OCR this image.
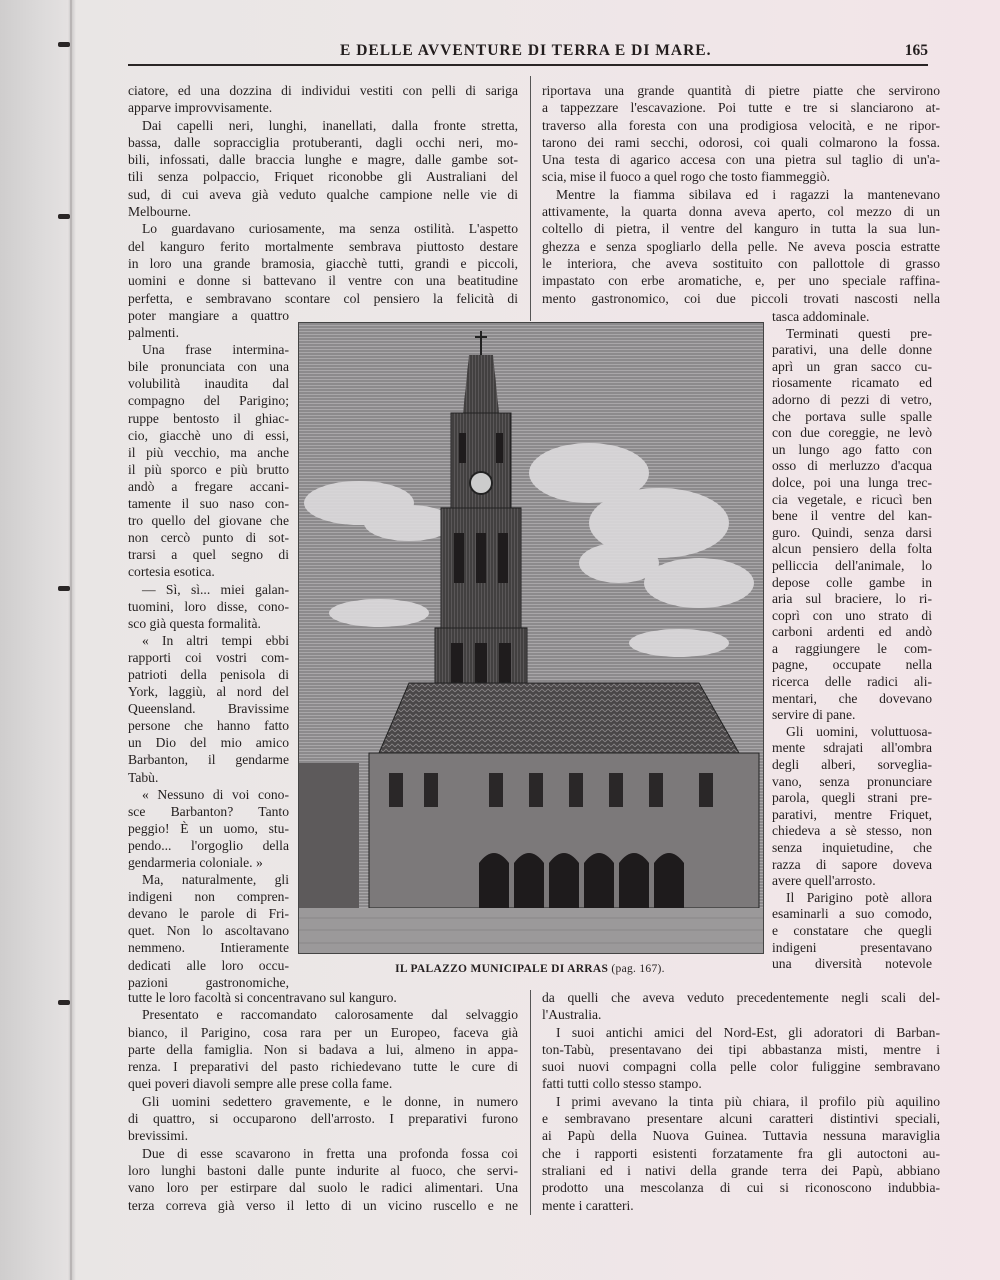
E DELLE AVVENTURE DI TERRA E DI MARE.	165
ciatore, ed una dozzina di individui vestiti con pelli di sariga
apparve improvvisamente.
Dai capelli neri, lunghi, inanellati, dalla fronte stretta,
bassa, dalle sopracciglia protuberanti, dagli occhi neri, mo-
bili, infossati, dalle braccia lunghe e magre, dalle gambe sot-
tili senza polpaccio, Friquet riconobbe gli Australiani del
sud, di cui aveva già veduto qualche campione nelle vie di
Melbourne.
Lo guardavano curiosamente, ma senza ostilità. L'aspetto
del kanguro ferito mortalmente sembrava piuttosto destare
in loro una grande bramosia, giacchè tutti, grandi e piccoli,
uomini e donne si battevano il ventre con una beatitudine
perfetta, e sembravano scontare col pensiero la felicità di
poter mangiare a quattro
palmenti.
Una frase intermina-
bile pronunciata con una
volubilità inaudita dal
compagno del Parigino;
ruppe bentosto il ghiac-
cio, giacchè uno di essi,
il più vecchio, ma anche
il più sporco e più brutto
andò a fregare accani-
tamente il suo naso con-
tro quello del giovane che
non cercò punto di sot-
trarsi a quel segno di
cortesia esotica.
— Sì, sì... miei galan-
tuomini, loro disse, cono-
sco già questa formalità.
« In altri tempi ebbi
rapporti coi vostri com-
patrioti della penisola di
York, laggiù, al nord del
Queensland. Bravissime
persone che hanno fatto
un Dio del mio amico
Barbanton, il gendarme
Tabù.
« Nessuno di voi cono-
sce Barbanton? Tanto
peggio! È un uomo, stu-
pendo... l'orgoglio della
gendarmeria coloniale. »
Ma, naturalmente, gli
indigeni non compren-
devano le parole di Fri-
quet. Non lo ascoltavano
nemmeno. Intieramente
dedicati alle loro occu-
pazioni gastronomiche,
tutte le loro facoltà si concentravano sul kanguro.
Presentato e raccomandato calorosamente dal selvaggio
bianco, il Parigino, cosa rara per un Europeo, faceva già
parte della famiglia. Non si badava a lui, almeno in appa-
renza. I preparativi del pasto richiedevano tutte le cure di
quei poveri diavoli sempre alle prese colla fame.
Gli uomini sedettero gravemente, e le donne, in numero
di quattro, si occuparono dell'arrosto. I preparativi furono
brevissimi.
Due di esse scavarono in fretta una profonda fossa coi
loro lunghi bastoni dalle punte indurite al fuoco, che servi-
vano loro per estirpare dal suolo le radici alimentari. Una
terza correva già verso il letto di un vicino ruscello e ne
riportava una grande quantità di pietre piatte che servirono
a tappezzare l'escavazione. Poi tutte e tre si slanciarono at-
traverso alla foresta con una prodigiosa velocità, e ne ripor-
tarono dei rami secchi, odorosi, coi quali colmarono la fossa.
Una testa di agarico accesa con una pietra sul taglio di un'a-
scia, mise il fuoco a quel rogo che tosto fiammeggiò.
Mentre la fiamma sibilava ed i ragazzi la mantenevano
attivamente, la quarta donna aveva aperto, col mezzo di un
coltello di pietra, il ventre del kanguro in tutta la sua lun-
ghezza e senza spogliarlo della pelle. Ne aveva poscia estratte
le interiora, che aveva sostituito con pallottole di grasso
impastato con erbe aromatiche, e, per uno speciale raffina-
mento gastronomico, coi due piccoli trovati nascosti nella
tasca addominale.
Terminati questi pre-
parativi, una delle donne
aprì un gran sacco cu-
riosamente ricamato ed
adorno di pezzi di vetro,
che portava sulle spalle
con due coreggie, ne levò
un lungo ago fatto con
osso di merluzzo d'acqua
dolce, poi una lunga trec-
cia vegetale, e ricucì ben
bene il ventre del kan-
guro. Quindi, senza darsi
alcun pensiero della folta
pelliccia dell'animale, lo
depose colle gambe in
aria sul braciere, lo ri-
coprì con uno strato di
carboni ardenti ed andò
a raggiungere le com-
pagne, occupate nella
ricerca delle radici ali-
mentari, che dovevano
servire di pane.
Gli uomini, voluttuosa-
mente sdrajati all'ombra
degli alberi, sorveglia-
vano, senza pronunciare
parola, quegli strani pre-
parativi, mentre Friquet,
chiedeva a sè stesso, non
senza inquietudine, che
razza di sapore doveva
avere quell'arrosto.
Il Parigino potè allora
esaminarli a suo comodo,
e constatare che quegli
indigeni presentavano
una diversità notevole
da quelli che aveva veduto precedentemente negli scali del-
l'Australia.
I suoi antichi amici del Nord-Est, gli adoratori di Barban-
ton-Tabù, presentavano dei tipi abbastanza misti, mentre i
suoi nuovi compagni colla pelle color fuliggine sembravano
fatti tutti collo stesso stampo.
I primi avevano la tinta più chiara, il profilo più aquilino
e sembravano presentare alcuni caratteri distintivi speciali,
ai Papù della Nuova Guinea. Tuttavia nessuna maraviglia
che i rapporti esistenti forzatamente fra gli autoctoni au-
straliani ed i nativi della grande terra dei Papù, abbiano
prodotto una mescolanza di cui si riconoscono indubbia-
mente i caratteri.
IL PALAZZO MUNICIPALE DI ARRAS (pag. 167).
